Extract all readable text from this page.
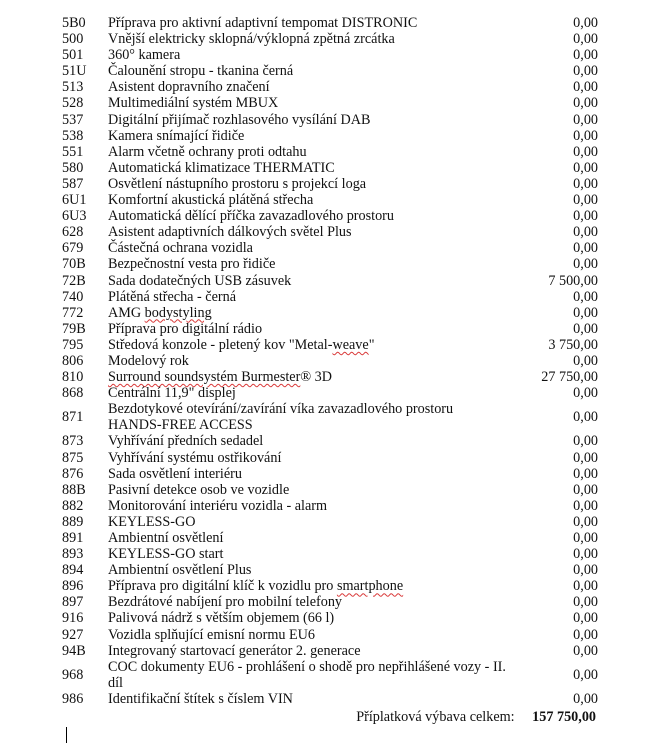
5B0	Příprava pro aktivní adaptivní tempomat DISTRONIC	0,00
500	Vnější elektricky sklopná/výklopná zpětná zrcátka	0,00
501	360° kamera	0,00
51U	Čalounění stropu - tkanina černá	0,00
513	Asistent dopravního značení	0,00
528	Multimediální systém MBUX	0,00
537	Digitální přijímač rozhlasového vysílání DAB	0,00
538	Kamera snímající řidiče	0,00
551	Alarm včetně ochrany proti odtahu	0,00
580	Automatická klimatizace THERMATIC	0,00
587	Osvětlení nástupního prostoru s projekcí loga	0,00
6U1	Komfortní akustická plátěná střecha	0,00
6U3	Automatická dělící příčka zavazadlového prostoru	0,00
628	Asistent adaptivních dálkových světel Plus	0,00
679	Částečná ochrana vozidla	0,00
70B	Bezpečnostní vesta pro řidiče	0,00
72B	Sada dodatečných USB zásuvek	7 500,00
740	Plátěná střecha - černá	0,00
772	AMG bodystyling	0,00
79B	Příprava pro digitální rádio	0,00
795	Středová konzole - pletený kov "Metal-weave"	3 750,00
806	Modelový rok	0,00
810	Surround soundsystém Burmester® 3D	27 750,00
868	Centrální 11,9" displej	0,00
871	Bezdotykové otevírání/zavírání víka zavazadlového prostoru HANDS-FREE ACCESS	0,00
873	Vyhřívání předních sedadel	0,00
875	Vyhřívání systému ostřikování	0,00
876	Sada osvětlení interiéru	0,00
88B	Pasivní detekce osob ve vozidle	0,00
882	Monitorování interiéru vozidla - alarm	0,00
889	KEYLESS-GO	0,00
891	Ambientní osvětlení	0,00
893	KEYLESS-GO start	0,00
894	Ambientní osvětlení Plus	0,00
896	Příprava pro digitální klíč k vozidlu pro smartphone	0,00
897	Bezdrátové nabíjení pro mobilní telefony	0,00
916	Palivová nádrž s větším objemem (66 l)	0,00
927	Vozidla splňující emisní normu EU6	0,00
94B	Integrovaný startovací generátor 2. generace	0,00
968	COC dokumenty EU6 - prohlášení o shodě pro nepřihlášené vozy - II. díl	0,00
986	Identifikační štítek s číslem VIN	0,00
Příplatková výbava celkem: 157 750,00
